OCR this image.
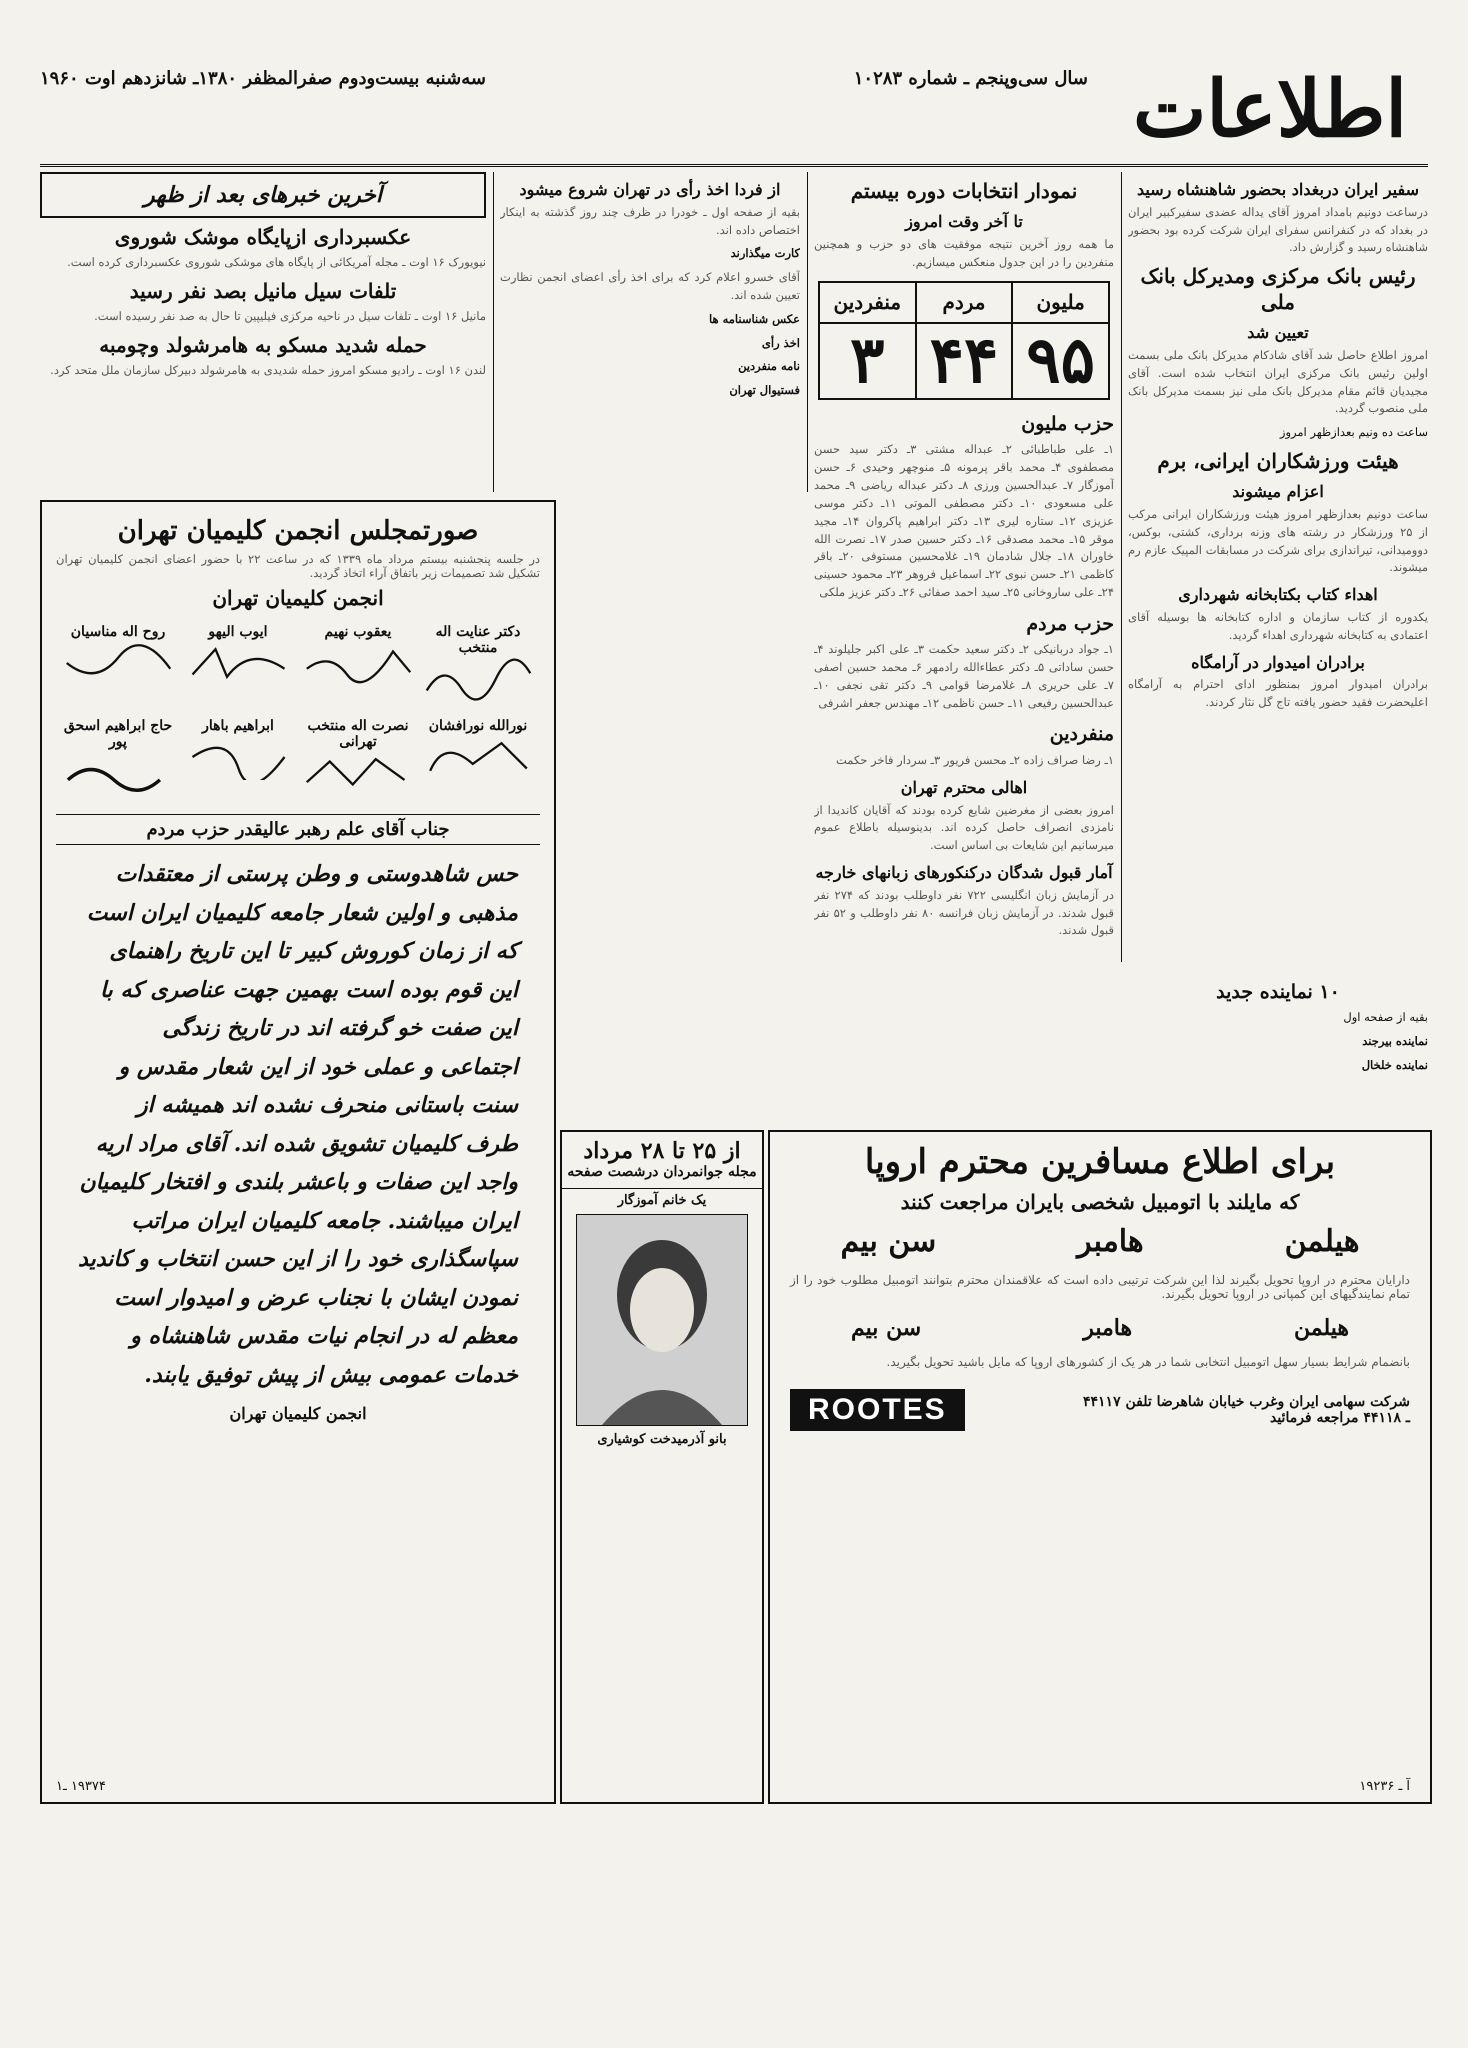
اطلاعات
سال سی‌وپنجم ـ شماره ۱۰۲۸۳
سه‌شنبه بیست‌ودوم صفرالمظفر ۱۳۸۰ـ شانزدهم اوت ۱۹۶۰
سفیر ایران دربغداد بحضور شاهنشاه رسید

درساعت دونیم بامداد امروز آقای یداله عضدی سفیرکبیر ایران در بغداد که در کنفرانس سفرای ایران شرکت کرده بود بحضور شاهنشاه رسید و گزارش داد.

رئیس بانک مرکزی ومدیرکل بانک ملی
تعیین شد

امروز اطلاع حاصل شد آقای شادکام مدیرکل بانک ملی بسمت اولین رئیس بانک مرکزی ایران انتخاب شده است. آقای مجیدیان قائم مقام مدیرکل بانک ملی نیز بسمت مدیرکل بانک ملی منصوب گردید.

ساعت ده ونیم بعدازظهر امروز

هیئت ورزشکاران ایرانی، برم
اعزام میشوند

ساعت دونیم بعدازظهر امروز هیئت ورزشکاران ایرانی مرکب از ۲۵ ورزشکار در رشته های وزنه برداری، کشتی، بوکس، دوومیدانی، تیراندازی برای شرکت در مسابقات المپیک عازم رم میشوند.

اهداء کتاب بکتابخانه شهرداری

یکدوره از کتاب سازمان و اداره کتابخانه ها بوسیله آقای اعتمادی به کتابخانه شهرداری اهداء گردید.

برادران امیدوار در آرامگاه

برادران امیدوار امروز بمنظور ادای احترام به آرامگاه اعلیحضرت فقید حضور یافته تاج گل نثار کردند.

نمودار انتخابات دوره بیستم
تا آخر وقت امروز

ما همه روز آخرین نتیجه موفقیت های دو حزب و همچنین منفردین را در این جدول منعکس میسازیم.

ملیون
۹۵
مردم
۴۴
منفردین
۳
حزب ملیون

۱ـ علی طباطبائی ۲ـ عبداله مشتی ۳ـ دکتر سید حسن مصطفوی ۴ـ محمد باقر پرمونه ۵ـ منوچهر وحیدی ۶ـ حسن آموزگار ۷ـ عبدالحسین ورزی ۸ـ دکتر عبداله ریاضی ۹ـ محمد علی مسعودی ۱۰ـ دکتر مصطفی الموتی ۱۱ـ دکتر موسی عزیزی ۱۲ـ ستاره لیری ۱۳ـ دکتر ابراهیم پاکروان ۱۴ـ مجید موقر ۱۵ـ محمد مصدقی ۱۶ـ دکتر حسین صدر ۱۷ـ نصرت الله خاوران ۱۸ـ جلال شادمان ۱۹ـ غلامحسین مستوفی ۲۰ـ باقر کاظمی ۲۱ـ حسن نبوی ۲۲ـ اسماعیل فروهر ۲۳ـ محمود حسینی ۲۴ـ علی ساروخانی ۲۵ـ سید احمد صفائی ۲۶ـ دکتر عزیز ملکی

حزب مردم

۱ـ جواد دربانیکی ۲ـ دکتر سعید حکمت ۳ـ علی اکبر جلیلوند ۴ـ حسن ساداتی ۵ـ دکتر عطاءالله رادمهر ۶ـ محمد حسین اصفی ۷ـ علی حریری ۸ـ غلامرضا قوامی ۹ـ دکتر تقی نجفی ۱۰ـ عبدالحسین رفیعی ۱۱ـ حسن ناظمی ۱۲ـ مهندس جعفر اشرفی

منفردین

۱ـ رضا صراف زاده ۲ـ محسن فریور ۳ـ سردار فاخر حکمت

اهالی محترم تهران

امروز بعضی از مغرضین شایع کرده بودند که آقایان کاندیدا از نامزدی انصراف حاصل کرده اند. بدینوسیله باطلاع عموم میرسانیم این شایعات بی اساس است.

آمار قبول شدگان درکنکورهای زبانهای خارجه

در آزمایش زبان انگلیسی ۷۲۲ نفر داوطلب بودند که ۲۷۴ نفر قبول شدند. در آزمایش زبان فرانسه ۸۰ نفر داوطلب و ۵۲ نفر قبول شدند.

از فردا اخذ رأی در تهران شروع میشود

بقیه از صفحه اول ـ خودرا در ظرف چند روز گذشته به اینکار اختصاص داده اند.

کارت میگذارند

آقای خسرو اعلام کرد که برای اخذ رأی اعضای انجمن نظارت تعیین شده اند.

عکس شناسنامه ها

اخذ رأی

نامه منفردین

فستیوال تهران

آخرین خبرهای بعد از ظهر
عکسبرداری ازپایگاه موشک شوروی

نیویورک ۱۶ اوت ـ مجله آمریکائی از پایگاه های موشکی شوروی عکسبرداری کرده است.

تلفات سیل مانیل بصد نفر رسید

مانیل ۱۶ اوت ـ تلفات سیل در ناحیه مرکزی فیلیپین تا حال به صد نفر رسیده است.

حمله شدید مسکو به هامرشولد وچومبه

لندن ۱۶ اوت ـ رادیو مسکو امروز حمله شدیدی به هامرشولد دبیرکل سازمان ملل متحد کرد.

صورتمجلس انجمن کلیمیان تهران

در جلسه پنجشنبه بیستم مرداد ماه ۱۳۳۹ که در ساعت ۲۲ با حضور اعضای انجمن کلیمیان تهران تشکیل شد تصمیمات زیر باتفاق آراء اتخاذ گردید.

انجمن کلیمیان تهران
دکتر عنایت اله منتخب
یعقوب نهیم
ایوب الیهو
روح اله مناسیان
نورالله نورافشان
نصرت اله منتخب تهرانی
ابراهیم باهار
حاج ابراهیم اسحق پور
جناب آقای علم رهبر عالیقدر حزب مردم
حس شاهدوستی و وطن پرستی از معتقدات مذهبی و اولین شعار جامعه کلیمیان ایران است که از زمان کوروش کبیر تا این تاریخ راهنمای این قوم بوده است بهمین جهت عناصری که با این صفت خو گرفته اند در تاریخ زندگی اجتماعی و عملی خود از این شعار مقدس و سنت باستانی منحرف نشده اند همیشه از طرف کلیمیان تشویق شده اند. آقای مراد اریه واجد این صفات و باعشر بلندی و افتخار کلیمیان ایران میباشند. جامعه کلیمیان ایران مراتب سپاسگذاری خود را از این حسن انتخاب و کاندید نمودن ایشان با نجناب عرض و امیدوار است معظم له در انجام نیات مقدس شاهنشاه و خدمات عمومی بیش از پیش توفیق یابند.
انجمن کلیمیان تهران
۱۹۳۷۴ ـ۱
از ۲۵ تا ۲۸ مرداد
مجله جوانمردان درشصت صفحه
یک خانم آموزگار
بانو آذرمیدخت کوشیاری
برای اطلاع مسافرین محترم اروپا
که مایلند با اتومبیل شخصی بایران مراجعت کنند
هیلمن
هامبر
سن بیم

دارایان محترم در اروپا تحویل بگیرند لذا این شرکت ترتیبی داده است که علاقمندان محترم بتوانند اتومبیل مطلوب خود را از تمام نمایندگیهای این کمپانی در اروپا تحویل بگیرند.

هیلمن
هامبر
سن بیم

بانضمام شرایط بسیار سهل اتومبیل انتخابی شما در هر یک از کشورهای اروپا که مایل باشید تحویل بگیرید.

شرکت سهامی ایران وغرب خیابان شاهرضا تلفن ۴۴۱۱۷ ـ ۴۴۱۱۸ مراجعه فرمائید
ROOTES
آ ـ ۱۹۲۳۶
۱۰ نماینده جدید

بقیه از صفحه اول

نماینده بیرجند

نماینده خلخال
